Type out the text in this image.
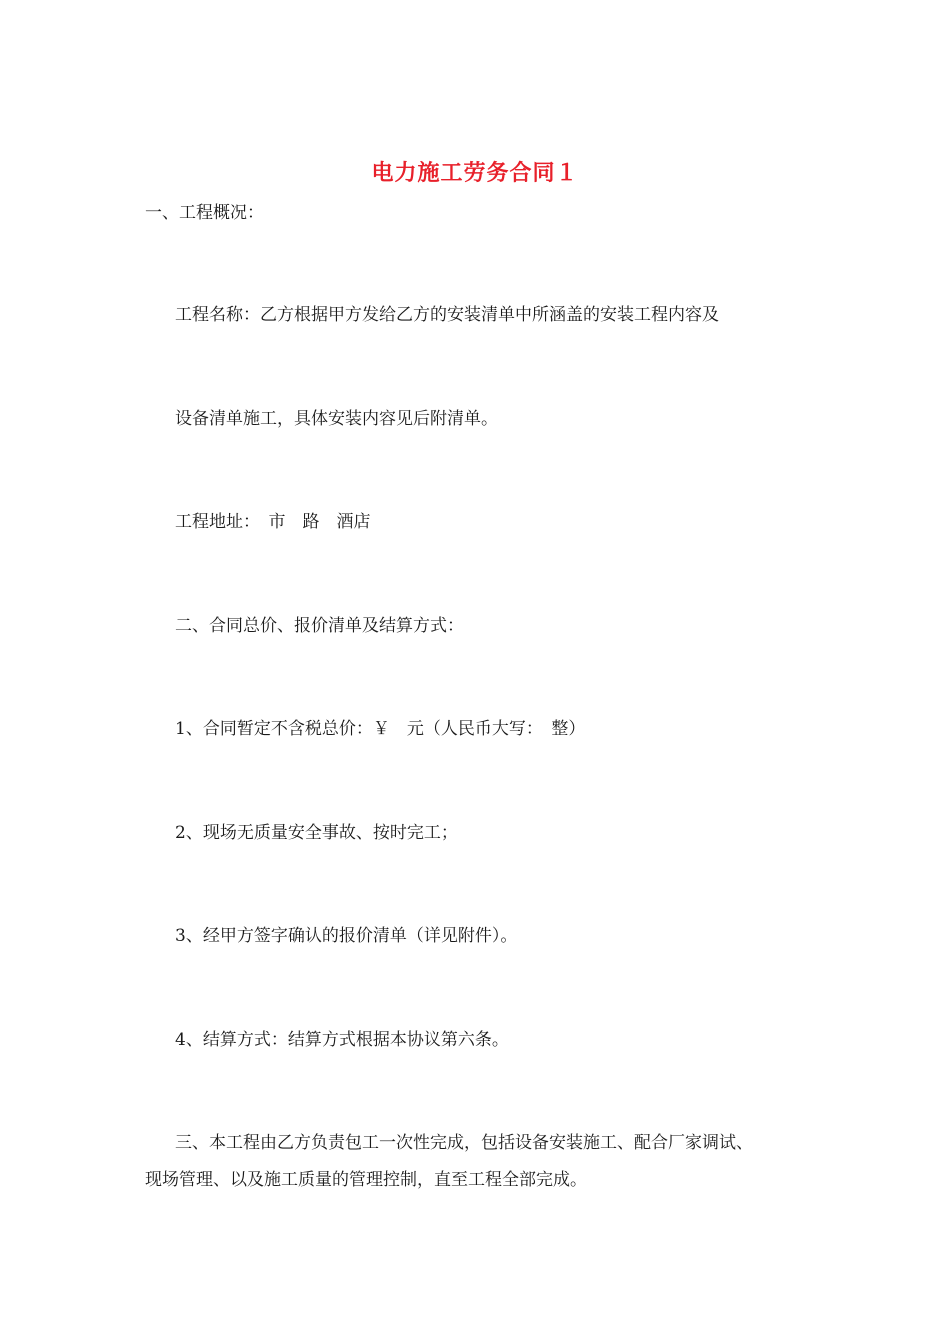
电力施工劳务合同１
一、工程概况：
工程名称：乙方根据甲方发给乙方的安装清单中所涵盖的安装工程内容及
设备清单施工，具体安装内容见后附清单。
工程地址：　市　路　酒店
二、合同总价、报价清单及结算方式：
1、合同暂定不含税总价：￥　元（人民币大写：　整）
2、现场无质量安全事故、按时完工；
3、经甲方签字确认的报价清单（详见附件）。
4、结算方式：结算方式根据本协议第六条。
三、本工程由乙方负责包工一次性完成，包括设备安装施工、配合厂家调试、
现场管理、以及施工质量的管理控制，直至工程全部完成。
